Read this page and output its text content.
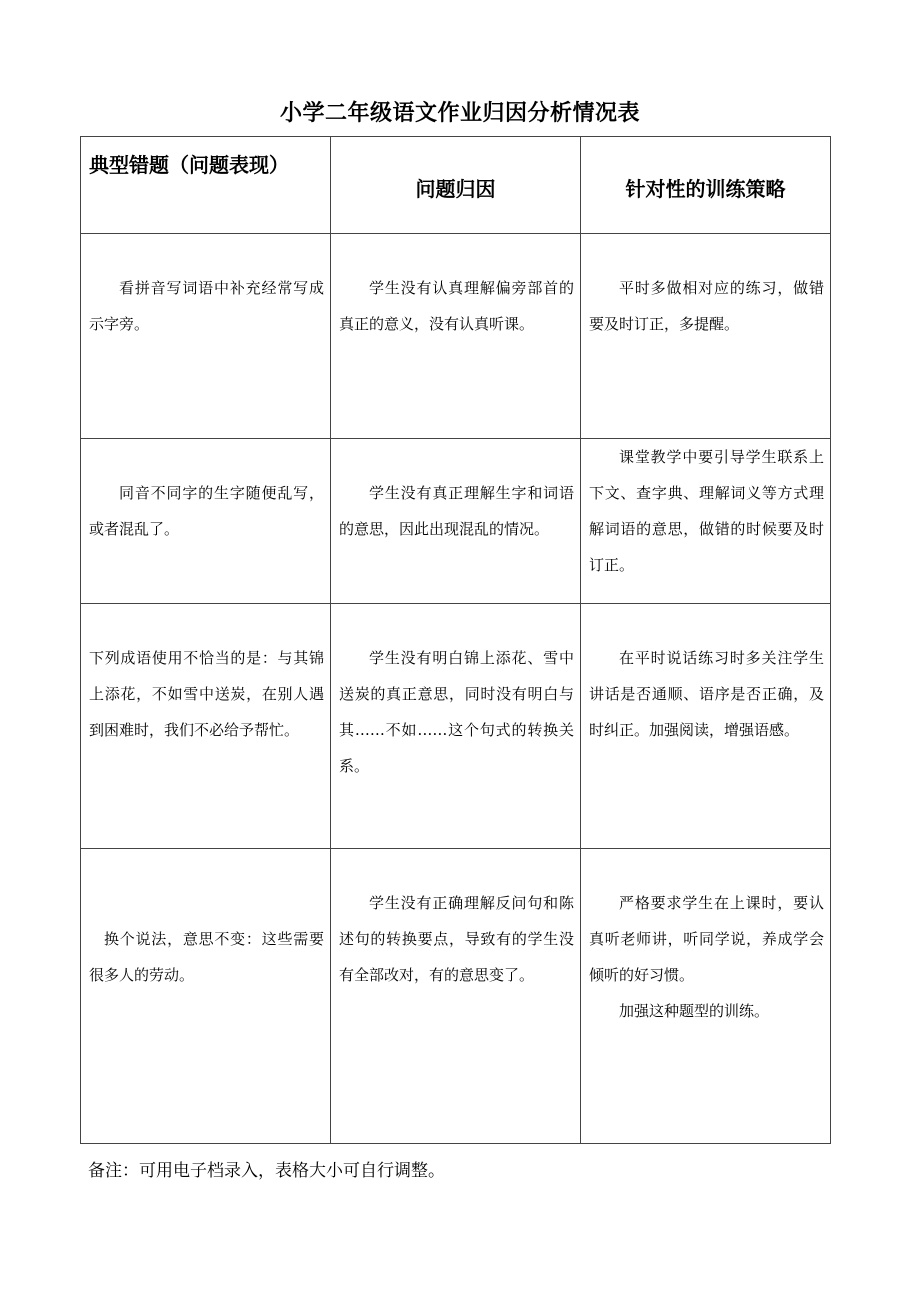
小学二年级语文作业归因分析情况表
典型错题（问题表现）	问题归因	针对性的训练策略

看拼音写词语中补充经常写成示字旁。	学生没有认真理解偏旁部首的真正的意义，没有认真听课。	平时多做相对应的练习，做错要及时订正，多提醒。

同音不同字的生字随便乱写，或者混乱了。	学生没有真正理解生字和词语的意思，因此出现混乱的情况。	课堂教学中要引导学生联系上下文、查字典、理解词义等方式理解词语的意思，做错的时候要及时订正。

下列成语使用不恰当的是：与其锦上添花，不如雪中送炭，在别人遇到困难时，我们不必给予帮忙。	学生没有明白锦上添花、雪中送炭的真正意思，同时没有明白与其……不如……这个句式的转换关系。	在平时说话练习时多关注学生讲话是否通顺、语序是否正确，及时纠正。加强阅读，增强语感。

换个说法，意思不变：这些需要很多人的劳动。	学生没有正确理解反问句和陈述句的转换要点，导致有的学生没有全部改对，有的意思变了。	严格要求学生在上课时，要认真听老师讲，听同学说，养成学会倾听的好习惯。
加强这种题型的训练。
备注：可用电子档录入，表格大小可自行调整。
